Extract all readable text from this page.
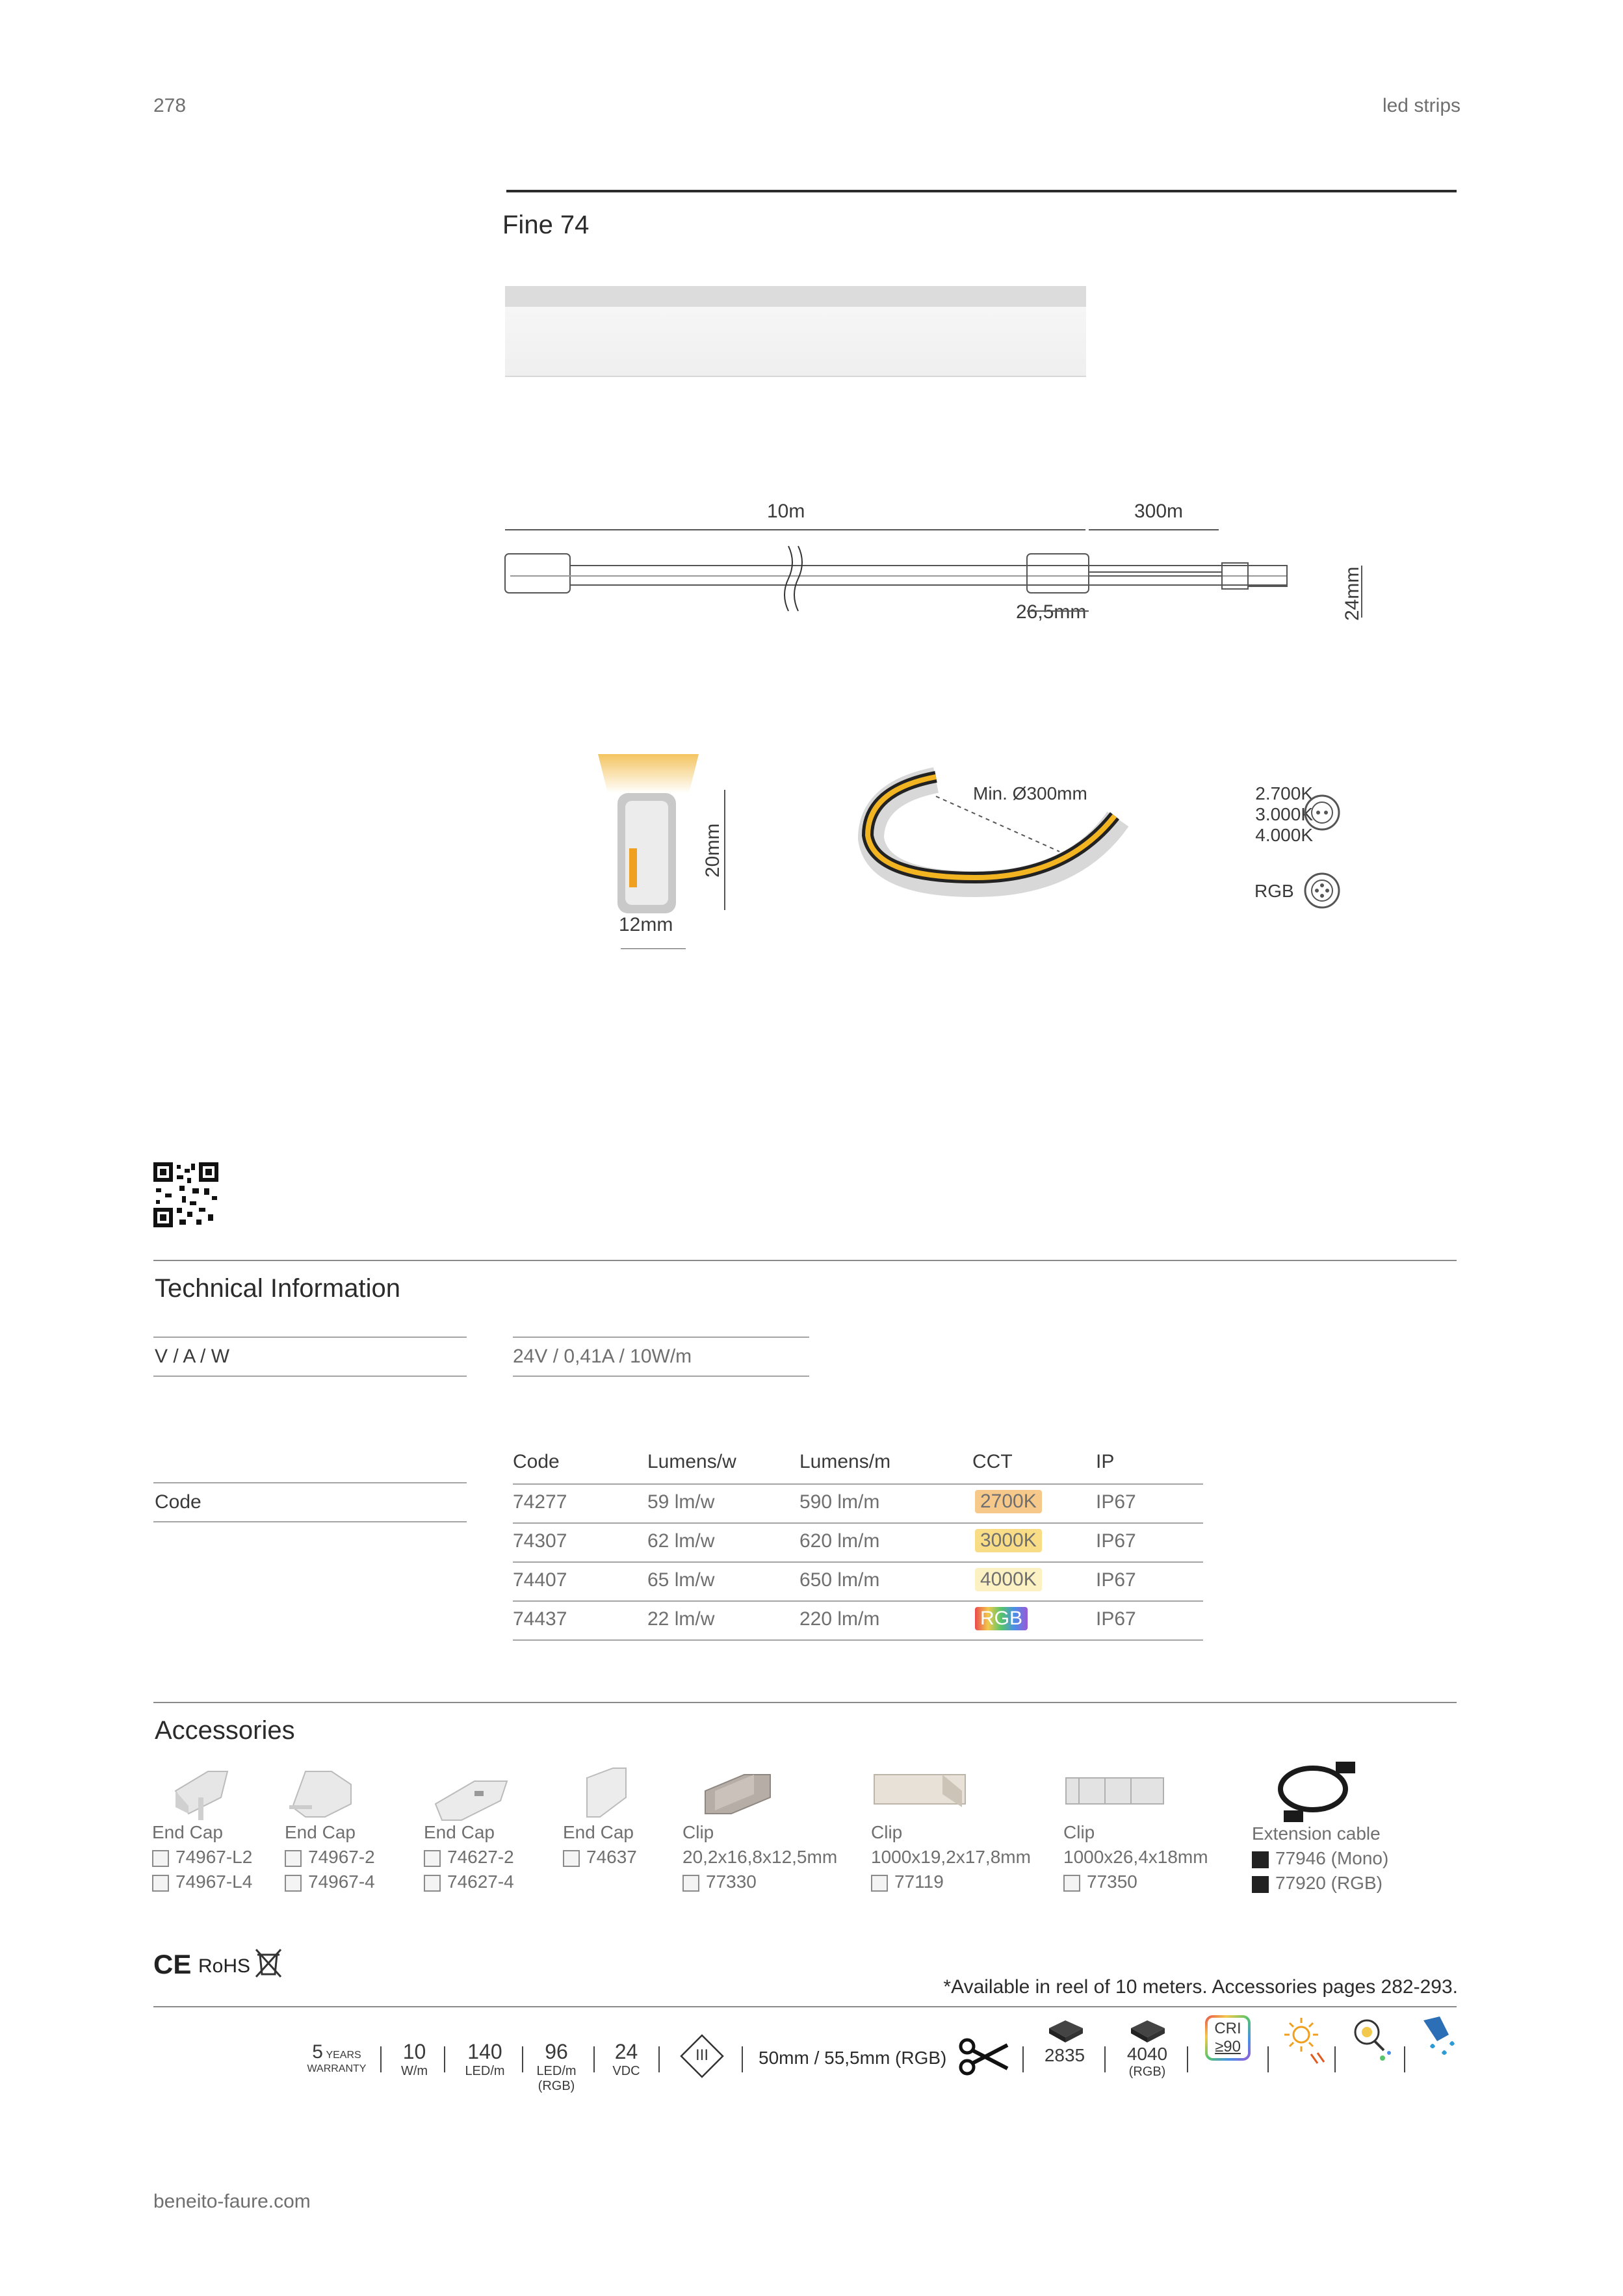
278	led strips
Fine 74
10m	300m
26,5mm	24mm
20mm
12mm
Min. Ø300mm	2.700K
3.000K
4.000K
RGB
Technical Information
V / A / W	24V / 0,41A / 10W/m
Code
Code	Lumens/w	Lumens/m	CCT	IP
74277	59 lm/w	590 lm/m	2700K	IP67
74307	62 lm/w	620 lm/m	3000K	IP67
74407	65 lm/w	650 lm/m	4000K	IP67
74437	22 lm/w	220 lm/m	RGB	IP67
Accessories
End Cap
74967-L2
74967-L4
End Cap
74967-2
74967-4
End Cap
74627-2
74627-4
End Cap
74637
Clip
20,2x16,8x12,5mm
77330
Clip
1000x19,2x17,8mm
77119
Clip
1000x26,4x18mm
77350
Extension cable
77946 (Mono)
77920 (RGB)
CE RoHS
*Available in reel of 10 meters. Accessories pages 282-293.
5 YEARS
WARRANTY
10
W/m
140
LED/m
96
LED/m
(RGB)
24
VDC
III	50mm / 55,5mm (RGB)	2835	4040
(RGB)
CRI
≥90
beneito-faure.com
